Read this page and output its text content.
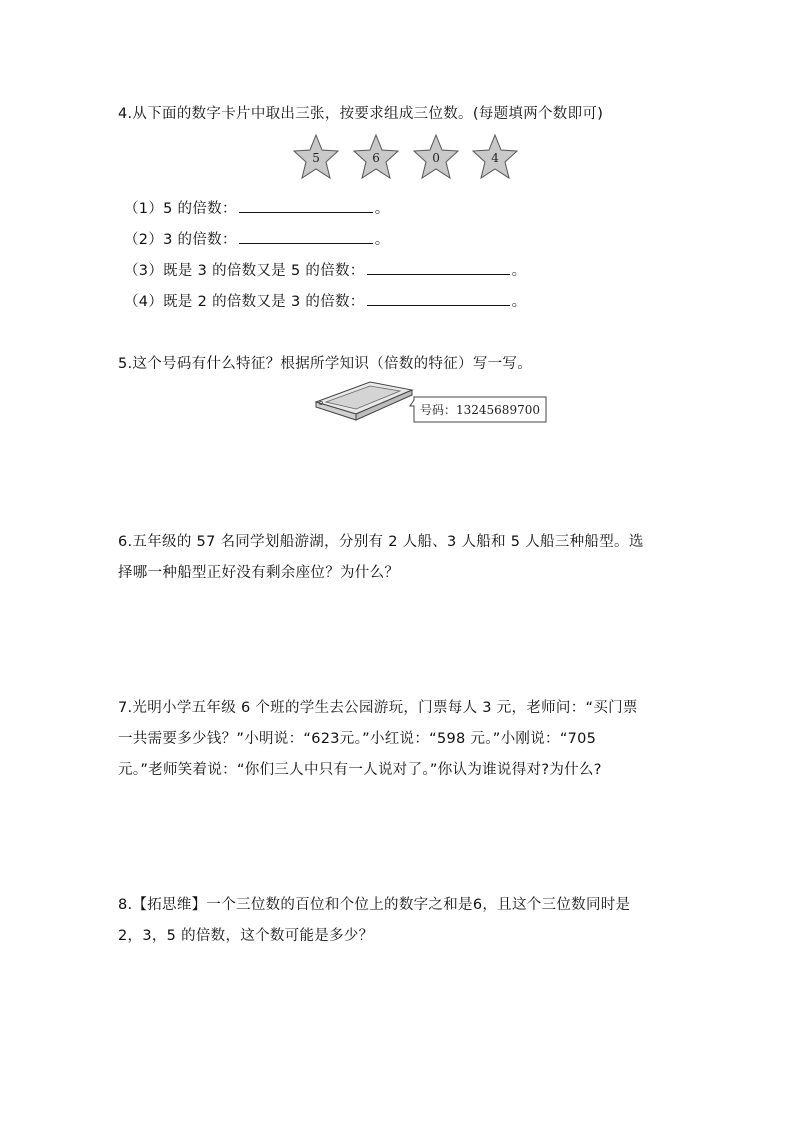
4.从下面的数字卡片中取出三张，按要求组成三位数。(每题填两个数即可)
5	6	0	4
（1）5 的倍数：	。
（2）3 的倍数：	。
（3）既是 3 的倍数又是 5 的倍数：	。
（4）既是 2 的倍数又是 3 的倍数：	。
5.这个号码有什么特征？根据所学知识（倍数的特征）写一写。
号码：13245689700
6.五年级的 57 名同学划船游湖，分别有 2 人船、3 人船和 5 人船三种船型。选
择哪一种船型正好没有剩余座位？为什么？
7.光明小学五年级 6 个班的学生去公园游玩，门票每人 3 元，老师问：“买门票
一共需要多少钱？”小明说：“623元。”小红说：“598 元。”小刚说：“705
元。”老师笑着说：“你们三人中只有一人说对了。”你认为谁说得对?为什么?
8.【拓思维】一个三位数的百位和个位上的数字之和是6，且这个三位数同时是
2，3，5 的倍数，这个数可能是多少？
